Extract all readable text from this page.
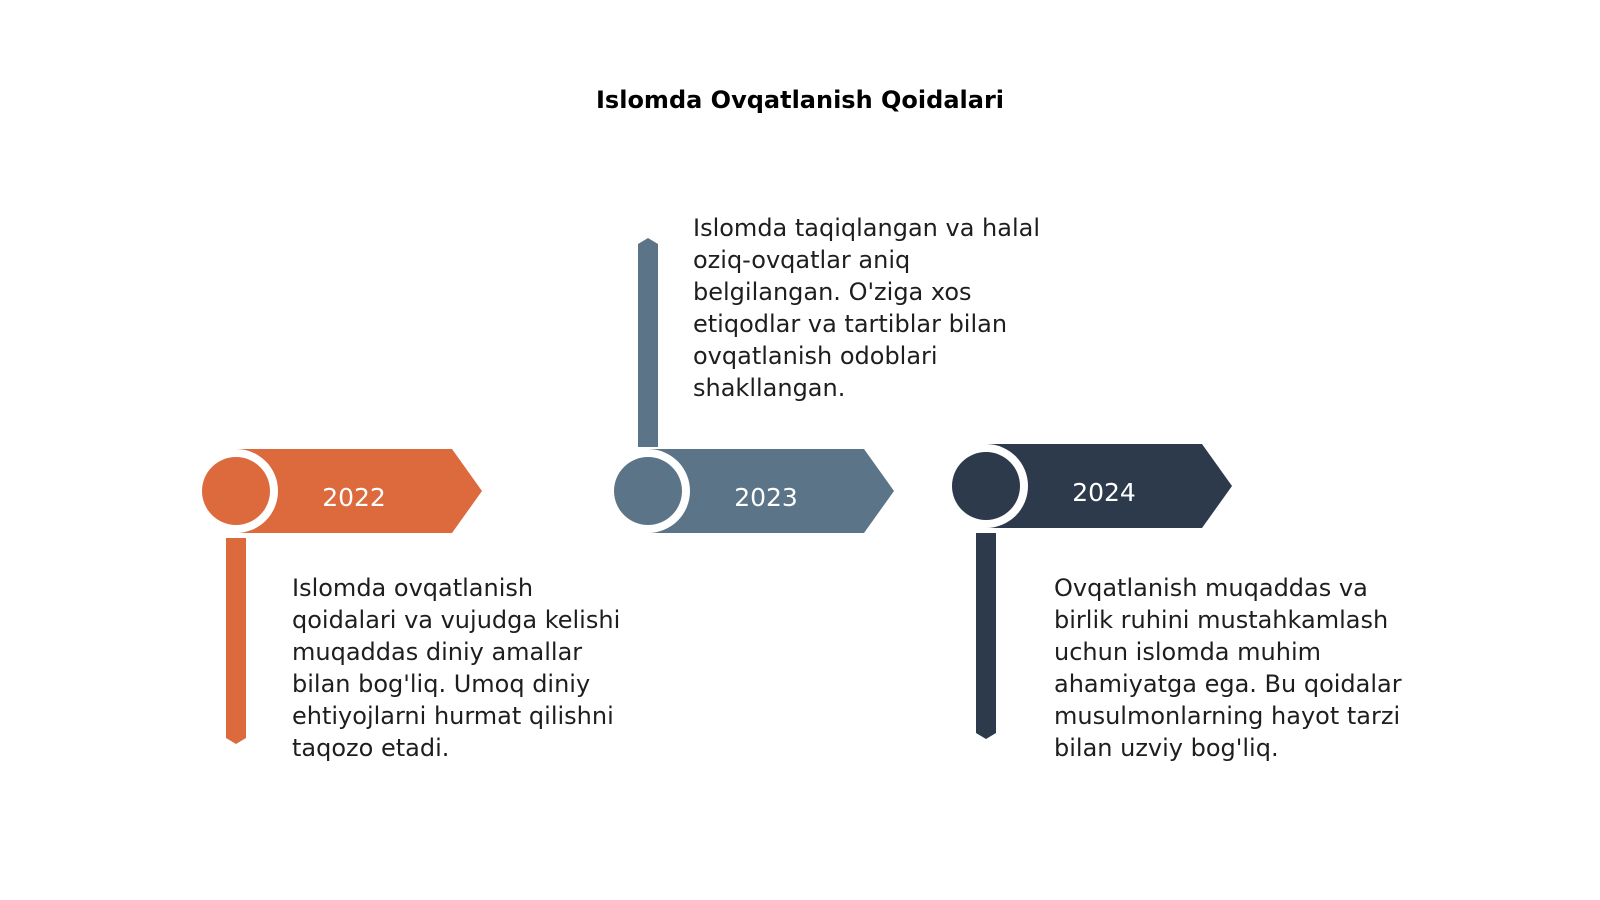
Islomda Ovqatlanish Qoidalari
2022	2023	2024

Islomda ovqatlanish qoidalari va vujudga kelishi muqaddas diniy amallar bilan bog'liq. Umoq diniy ehtiyojlarni hurmat qilishni taqozo etadi.

Islomda taqiqlangan va halal oziq-ovqatlar aniq belgilangan. O'ziga xos etiqodlar va tartiblar bilan ovqatlanish odoblari shakllangan.

Ovqatlanish muqaddas va birlik ruhini mustahkamlash uchun islomda muhim ahamiyatga ega. Bu qoidalar musulmonlarning hayot tarzi bilan uzviy bog'liq.
